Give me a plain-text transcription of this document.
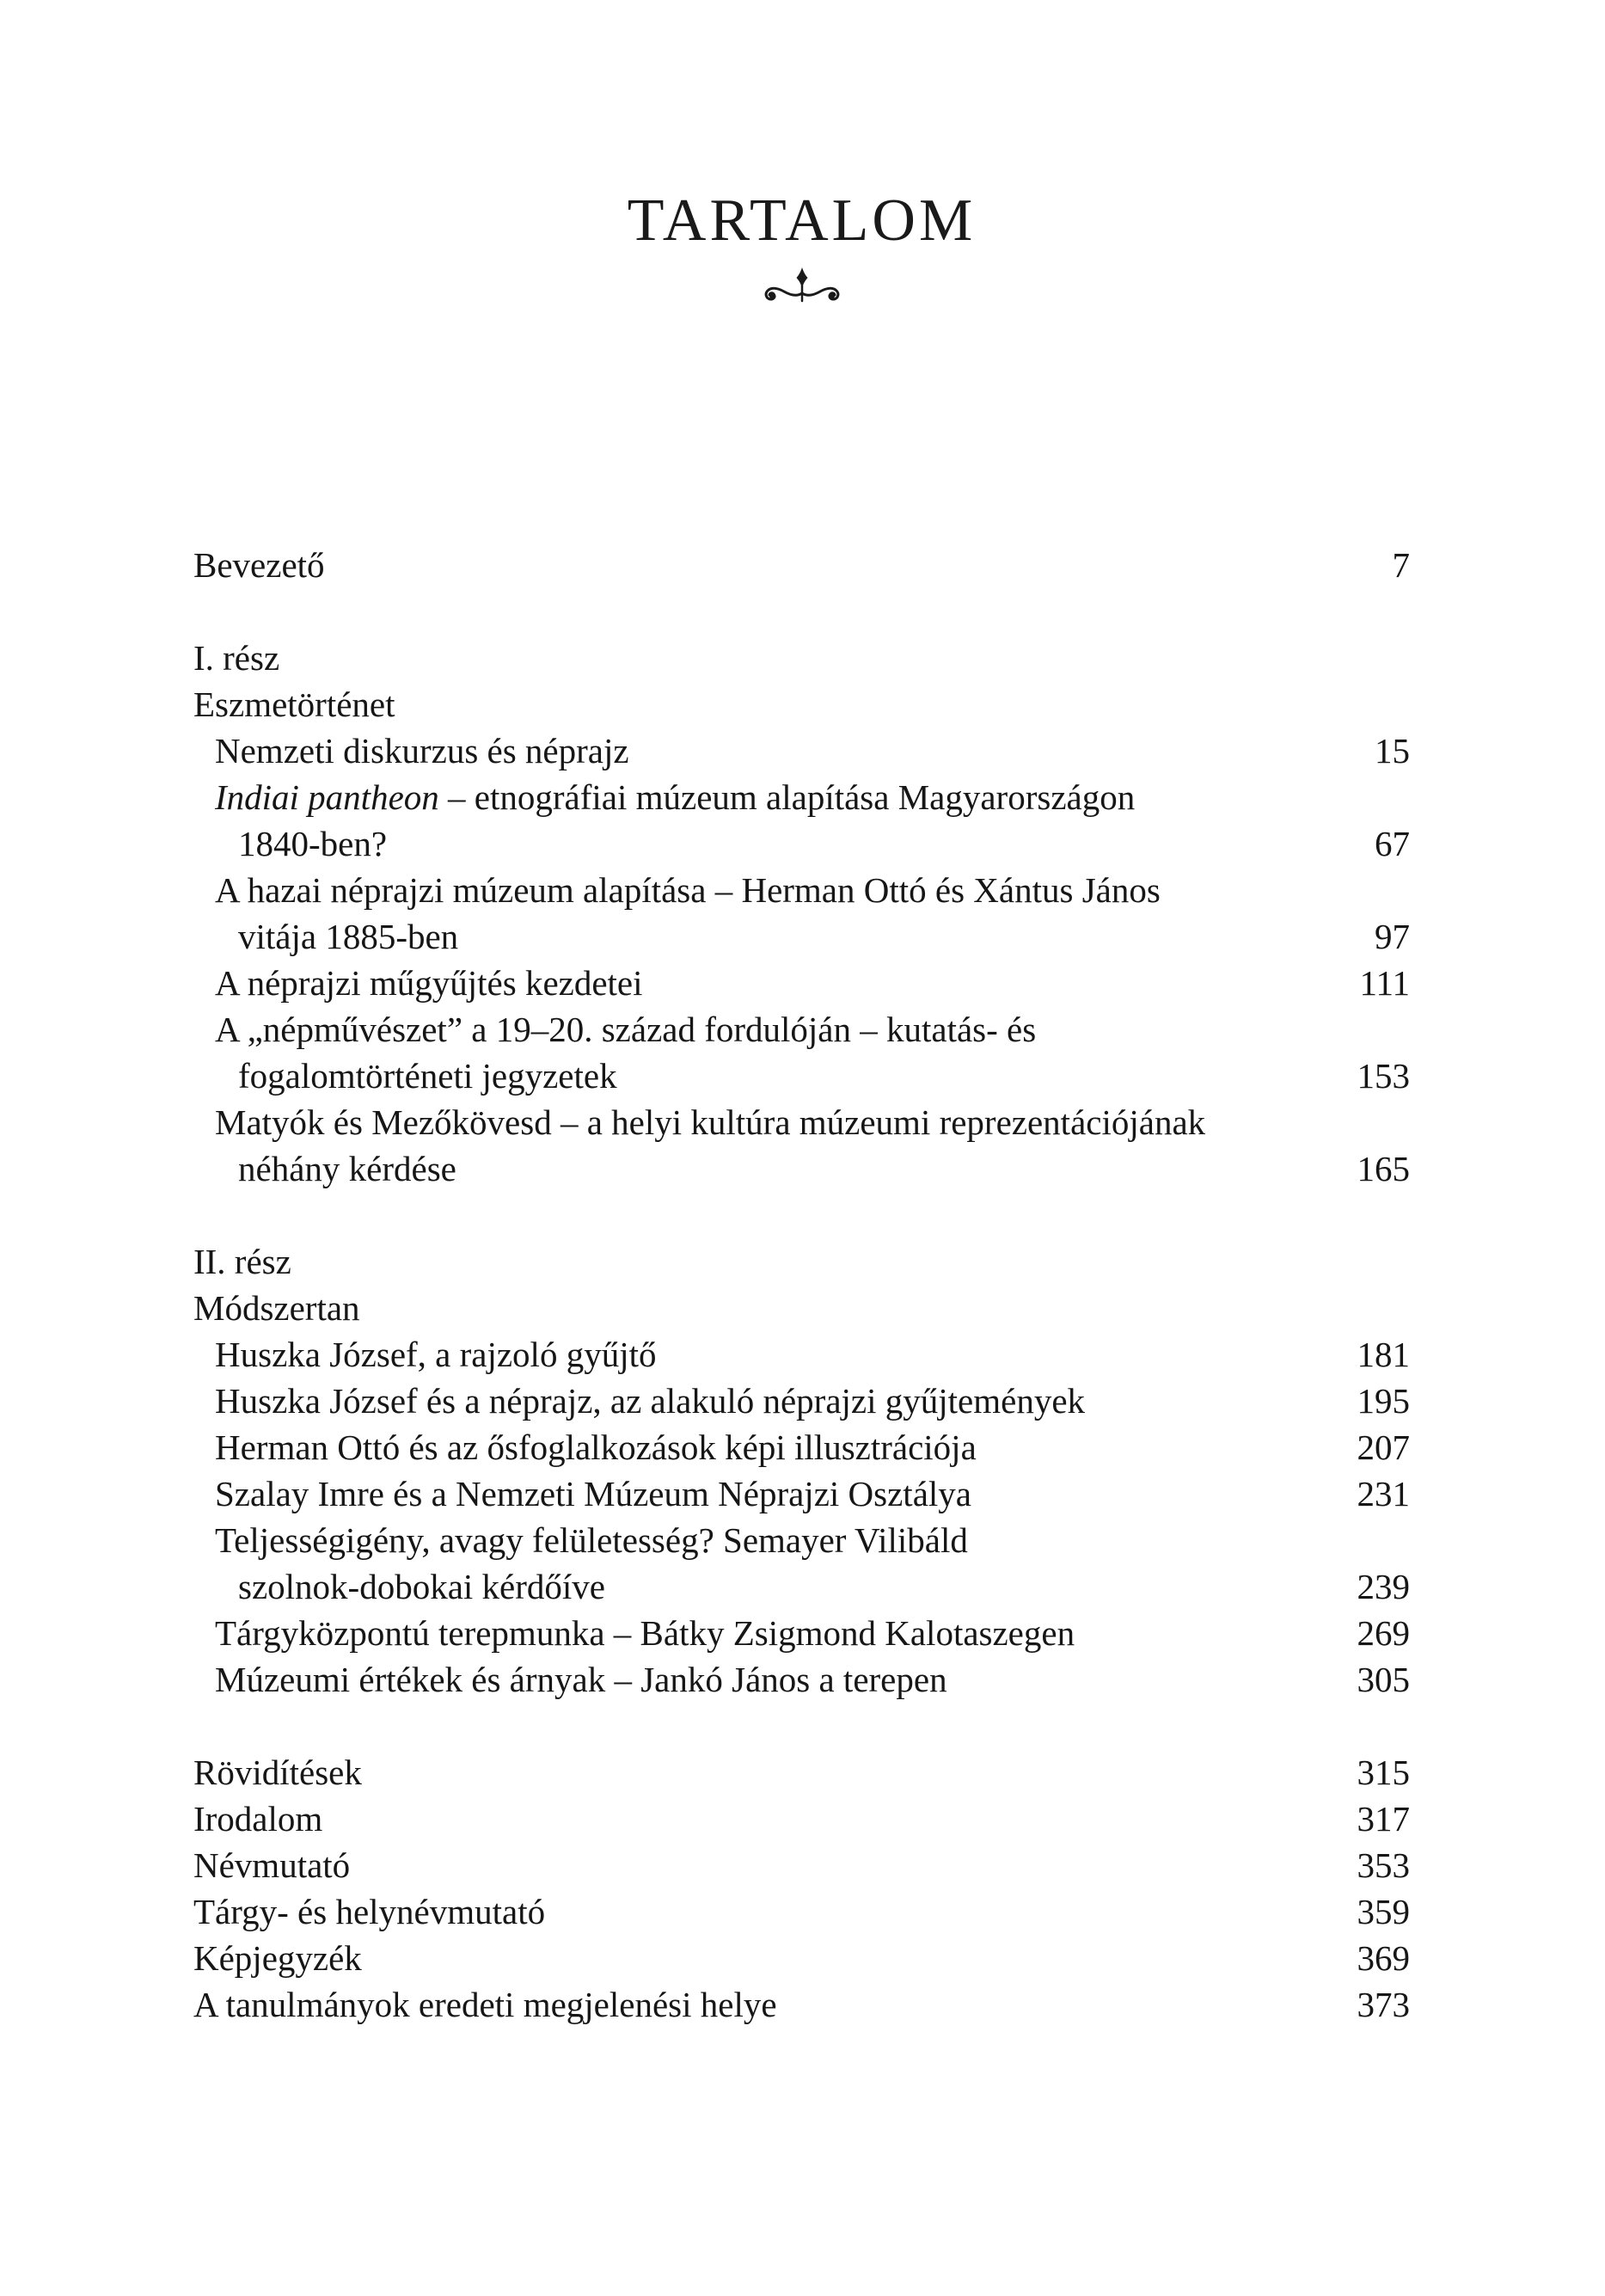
TARTALOM
Bevezető	7
I. rész
Eszmetörténet
Nemzeti diskurzus és néprajz	15
Indiai pantheon – etnográfiai múzeum alapítása Magyarországon
1840-ben?	67
A hazai néprajzi múzeum alapítása – Herman Ottó és Xántus János
vitája 1885-ben	97
A néprajzi műgyűjtés kezdetei	111
A „népművészet” a 19–20. század fordulóján – kutatás- és
fogalomtörténeti jegyzetek	153
Matyók és Mezőkövesd – a helyi kultúra múzeumi reprezentációjának
néhány kérdése	165
II. rész
Módszertan
Huszka József, a rajzoló gyűjtő	181
Huszka József és a néprajz, az alakuló néprajzi gyűjtemények	195
Herman Ottó és az ősfoglalkozások képi illusztrációja	207
Szalay Imre és a Nemzeti Múzeum Néprajzi Osztálya	231
Teljességigény, avagy felületesség? Semayer Vilibáld
szolnok-dobokai kérdőíve	239
Tárgyközpontú terepmunka – Bátky Zsigmond Kalotaszegen	269
Múzeumi értékek és árnyak – Jankó János a terepen	305
Rövidítések	315
Irodalom	317
Névmutató	353
Tárgy- és helynévmutató	359
Képjegyzék	369
A tanulmányok eredeti megjelenési helye	373
